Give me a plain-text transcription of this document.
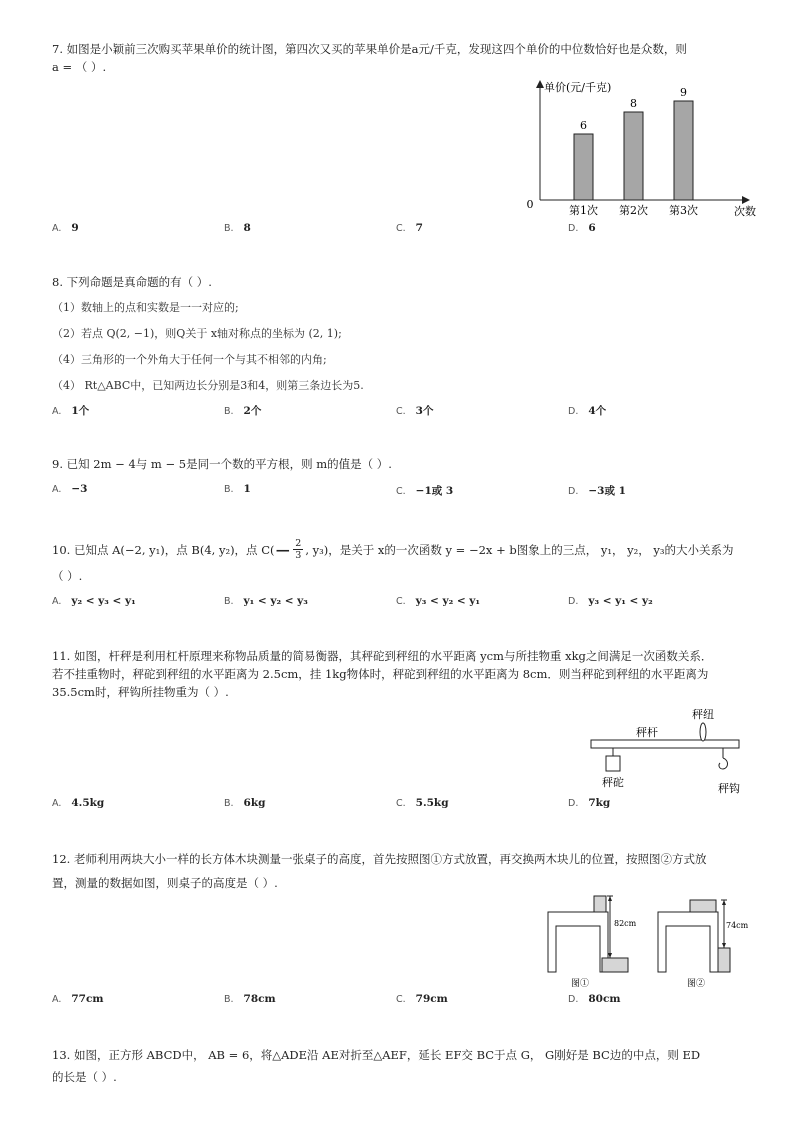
7. 如图是小颖前三次购买苹果单价的统计图，第四次又买的苹果单价是a元/千克，发现这四个单价的中位数恰好也是众数，则
a = （ ）.
0
单价(元/千克)
次数
6
第1次
8
第2次
9
第3次
A. 9	B. 8	C. 7	D. 6
8. 下列命题是真命题的有（ ）.
（1）数轴上的点和实数是一一对应的;
（2）若点 Q(2, −1)，则Q关于 x轴对称点的坐标为 (2, 1);
（4）三角形的一个外角大于任何一个与其不相邻的内角;
（4） Rt△ABC中，已知两边长分别是3和4，则第三条边长为5.
A. 1个	B. 2个	C. 3个	D. 4个
9. 已知 2m − 4与 m − 5是同一个数的平方根，则 m的值是（ ）.
A. −3	B. 1	C. −1或 3	D. −3或 1
10. 已知点 A(−2, y₁)，点 B(4, y₂)，点 $C( - \frac{2}{3}$ , y₃)，是关于 x的一次函数 y = −2x + b图象上的三点， y₁， y₂， y₃的大小关系为
（ ）.
A. y₂ < y₃ < y₁	B. y₁ < y₂ < y₃	C. y₃ < y₂ < y₁	D. y₃ < y₁ < y₂
11. 如图，杆秤是利用杠杆原理来称物品质量的简易衡器，其秤砣到秤纽的水平距离 ycm与所挂物重 xkg之间满足一次函数关系．
若不挂重物时，秤砣到秤纽的水平距离为 2.5cm，挂 1kg物体时，秤砣到秤纽的水平距离为 8cm．则当秤砣到秤纽的水平距离为
35.5cm时，秤钩所挂物重为（ ）.
秤纽
秤杆
秤砣	秤钩
A. 4.5kg	B. 6kg	C. 5.5kg	D. 7kg
12. 老师利用两块大小一样的长方体木块测量一张桌子的高度，首先按照图①方式放置，再交换两木块儿的位置，按照图②方式放
置，测量的数据如图，则桌子的高度是（ ）.
82cm	74cm
图①	图②
A. 77cm	B. 78cm	C. 79cm	D. 80cm
13. 如图，正方形 ABCD中， AB = 6，将△ADE沿 AE对折至△AEF，延长 EF交 BC于点 G， G刚好是 BC边的中点，则 ED
的长是（ ）.
